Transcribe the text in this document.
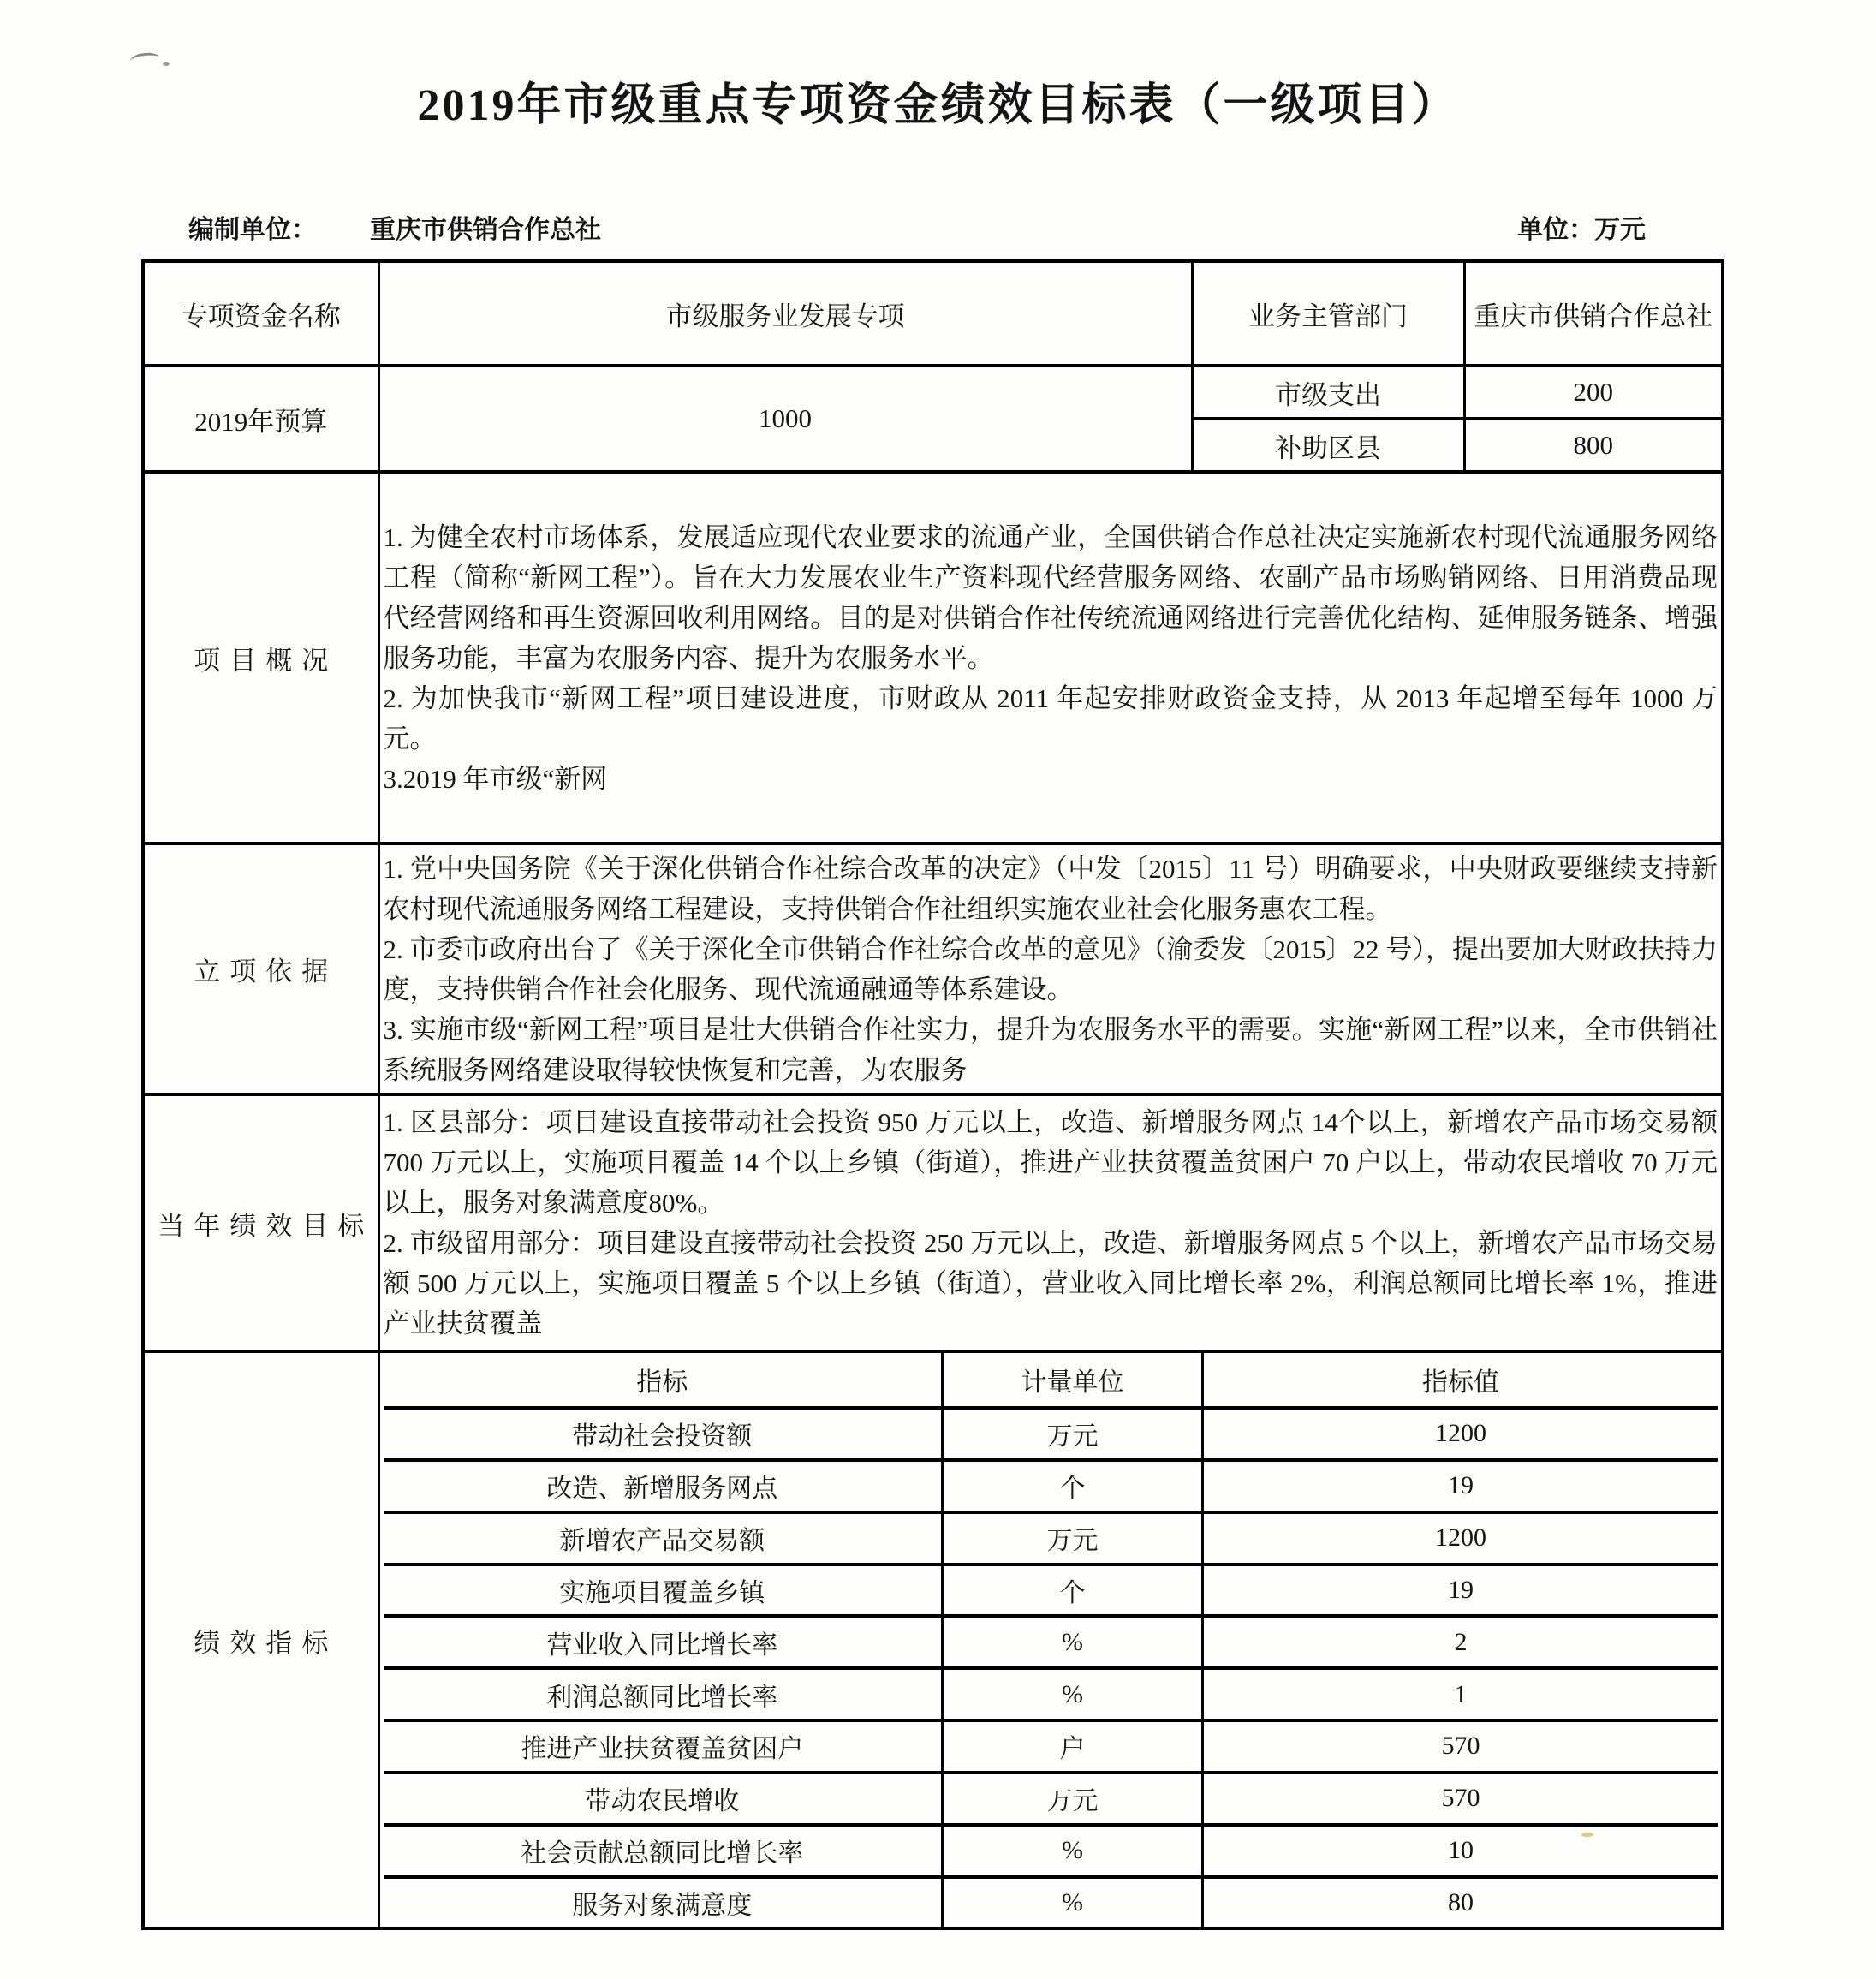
2019年市级重点专项资金绩效目标表（一级项目）
编制单位： 重庆市供销合作总社	单位：万元
专项资金名称	市级服务业发展专项	业务主管部门	重庆市供销合作总社
2019年预算	1000	市级支出	200
补助区县	800
项目概况	
1. 为健全农村市场体系，发展适应现代农业要求的流通产业，全国供销合作总社决定实施新农村现代流通服务网络工程（简称“新网工程”）。旨在大力发展农业生产资料现代经营服务网络、农副产品市场购销网络、日用消费品现代经营网络和再生资源回收利用网络。目的是对供销合作社传统流通网络进行完善优化结构、延伸服务链条、增强服务功能，丰富为农服务内容、提升为农服务水平。
2. 为加快我市“新网工程”项目建设进度，市财政从 2011 年起安排财政资金支持，从 2013 年起增至每年 1000 万元。
3.2019 年市级“新网

立项依据	
1. 党中央国务院《关于深化供销合作社综合改革的决定》（中发〔2015〕11 号）明确要求，中央财政要继续支持新农村现代流通服务网络工程建设，支持供销合作社组织实施农业社会化服务惠农工程。
2. 市委市政府出台了《关于深化全市供销合作社综合改革的意见》（渝委发〔2015〕22 号），提出要加大财政扶持力度，支持供销合作社会化服务、现代流通融通等体系建设。
3. 实施市级“新网工程”项目是壮大供销合作社实力，提升为农服务水平的需要。实施“新网工程”以来，全市供销社系统服务网络建设取得较快恢复和完善，为农服务

当年绩效目标	
1. 区县部分：项目建设直接带动社会投资 950 万元以上，改造、新增服务网点 14个以上，新增农产品市场交易额 700 万元以上，实施项目覆盖 14 个以上乡镇（街道），推进产业扶贫覆盖贫困户 70 户以上，带动农民增收 70 万元以上，服务对象满意度80%。
2. 市级留用部分：项目建设直接带动社会投资 250 万元以上，改造、新增服务网点 5 个以上，新增农产品市场交易额 500 万元以上，实施项目覆盖 5 个以上乡镇（街道），营业收入同比增长率 2%，利润总额同比增长率 1%，推进产业扶贫覆盖

绩效指标	
指标	计量单位	指标值
带动社会投资额	万元	1200
改造、新增服务网点	个	19
新增农产品交易额	万元	1200
实施项目覆盖乡镇	个	19
营业收入同比增长率	%	2
利润总额同比增长率	%	1
推进产业扶贫覆盖贫困户	户	570
带动农民增收	万元	570
社会贡献总额同比增长率	%	10
服务对象满意度	%	80
